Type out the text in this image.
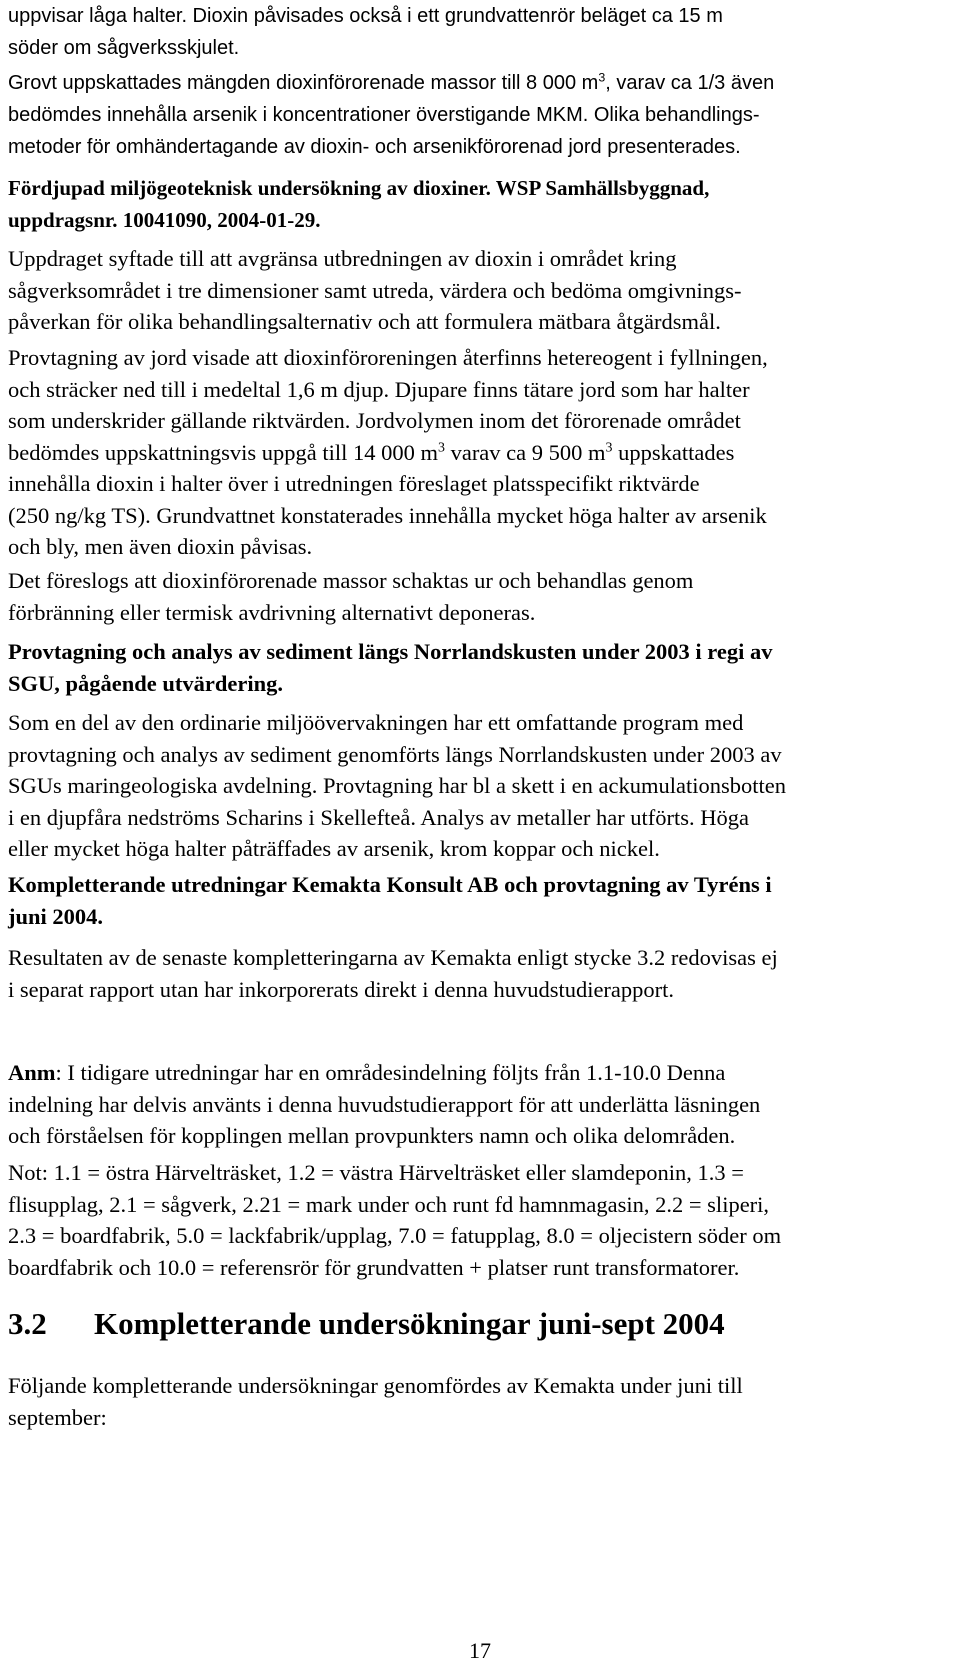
uppvisar låga halter. Dioxin påvisades också i ett grundvattenrör beläget ca 15 m
söder om sågverksskjulet.
Grovt uppskattades mängden dioxinförorenade massor till 8 000 $m^3$, varav ca 1/3 även
bedömdes innehålla arsenik i koncentrationer överstigande MKM. Olika behandlings-
metoder för omhändertagande av dioxin- och arsenikförorenad jord presenterades.
Fördjupad miljögeoteknisk undersökning av dioxiner. WSP Samhällsbyggnad,
uppdragsnr. 10041090, 2004-01-29.
Uppdraget syftade till att avgränsa utbredningen av dioxin i området kring
sågverksområdet i tre dimensioner samt utreda, värdera och bedöma omgivnings-
påverkan för olika behandlingsalternativ och att formulera mätbara åtgärdsmål.
Provtagning av jord visade att dioxinföroreningen återfinns hetereogent i fyllningen,
och sträcker ned till i medeltal 1,6 m djup. Djupare finns tätare jord som har halter
som underskrider gällande riktvärden. Jordvolymen inom det förorenade området
bedömdes uppskattningsvis uppgå till 14 000 $m^3$ varav ca 9 500 $m^3$ uppskattades
innehålla dioxin i halter över i utredningen föreslaget platsspecifikt riktvärde
(250 ng/kg TS). Grundvattnet konstaterades innehålla mycket höga halter av arsenik
och bly, men även dioxin påvisas.
Det föreslogs att dioxinförorenade massor schaktas ur och behandlas genom
förbränning eller termisk avdrivning alternativt deponeras.
Provtagning och analys av sediment längs Norrlandskusten under 2003 i regi av
SGU, pågående utvärdering.
Som en del av den ordinarie miljöövervakningen har ett omfattande program med
provtagning och analys av sediment genomförts längs Norrlandskusten under 2003 av
SGUs maringeologiska avdelning. Provtagning har bl a skett i en ackumulationsbotten
i en djupfåra nedströms Scharins i Skellefteå. Analys av metaller har utförts. Höga
eller mycket höga halter påträffades av arsenik, krom koppar och nickel.
Kompletterande utredningar Kemakta Konsult AB och provtagning av Tyréns i
juni 2004.
Resultaten av de senaste kompletteringarna av Kemakta enligt stycke 3.2 redovisas ej
i separat rapport utan har inkorporerats direkt i denna huvudstudierapport.
Anm: I tidigare utredningar har en områdesindelning följts från 1.1-10.0 Denna
indelning har delvis använts i denna huvudstudierapport för att underlätta läsningen
och förståelsen för kopplingen mellan provpunkters namn och olika delområden.
Not: 1.1 = östra Härvelträsket, 1.2 = västra Härvelträsket eller slamdeponin, 1.3 =
flisupplag, 2.1 = sågverk, 2.21 = mark under och runt fd hamnmagasin, 2.2 = sliperi,
2.3 = boardfabrik, 5.0 = lackfabrik/upplag, 7.0 = fatupplag, 8.0 = oljecistern söder om
boardfabrik och 10.0 = referensrör för grundvatten + platser runt transformatorer.
3.2 Kompletterande undersökningar juni-sept 2004
Följande kompletterande undersökningar genomfördes av Kemakta under juni till
september:
17
